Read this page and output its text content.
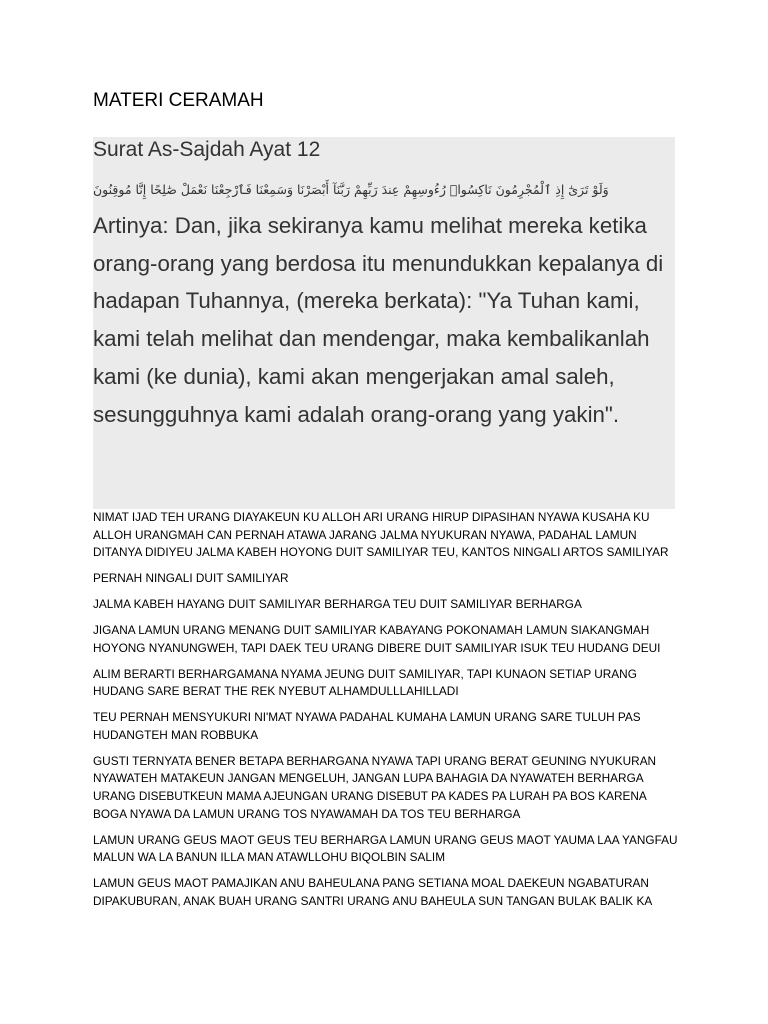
MATERI CERAMAH
Surat As-Sajdah Ayat 12

وَلَوْ تَرَىٰٓ إِذِ ٱلْمُجْرِمُونَ نَاكِسُوا۟ رُءُوسِهِمْ عِندَ رَبِّهِمْ رَبَّنَآ أَبْصَرْنَا وَسَمِعْنَا فَٱرْجِعْنَا نَعْمَلْ صَٰلِحًا إِنَّا مُوقِنُونَ

Artinya: Dan, jika sekiranya kamu melihat mereka ketika orang-orang yang berdosa itu menundukkan kepalanya di hadapan Tuhannya, (mereka berkata): "Ya Tuhan kami, kami telah melihat dan mendengar, maka kembalikanlah kami (ke dunia), kami akan mengerjakan amal saleh, sesungguhnya kami adalah orang-orang yang yakin".

NIMAT IJAD TEH URANG DIAYAKEUN KU ALLOH ARI URANG HIRUP DIPASIHAN NYAWA KUSAHA KU ALLOH URANGMAH CAN PERNAH ATAWA JARANG JALMA NYUKURAN NYAWA, PADAHAL LAMUN DITANYA DIDIYEU JALMA KABEH HOYONG DUIT SAMILIYAR TEU, KANTOS NINGALI ARTOS SAMILIYAR

PERNAH NINGALI DUIT SAMILIYAR

JALMA KABEH HAYANG DUIT SAMILIYAR BERHARGA TEU DUIT SAMILIYAR BERHARGA

JIGANA LAMUN URANG MENANG DUIT SAMILIYAR KABAYANG POKONAMAH LAMUN SIAKANGMAH HOYONG NYANUNGWEH, TAPI DAEK TEU URANG DIBERE DUIT SAMILIYAR ISUK TEU HUDANG DEUI

ALIM BERARTI BERHARGAMANA NYAMA JEUNG DUIT SAMILIYAR, TAPI KUNAON SETIAP URANG HUDANG SARE BERAT THE REK NYEBUT ALHAMDULLLAHILLADI

TEU PERNAH MENSYUKURI NI'MAT NYAWA PADAHAL KUMAHA LAMUN URANG SARE TULUH PAS HUDANGTEH MAN ROBBUKA

GUSTI TERNYATA BENER BETAPA BERHARGANA NYAWA TAPI URANG BERAT GEUNING NYUKURAN NYAWATEH MATAKEUN JANGAN MENGELUH, JANGAN LUPA BAHAGIA DA NYAWATEH BERHARGA URANG DISEBUTKEUN MAMA AJEUNGAN URANG DISEBUT PA KADES PA LURAH PA BOS KARENA BOGA NYAWA DA LAMUN URANG TOS NYAWAMAH DA TOS TEU BERHARGA

LAMUN URANG GEUS MAOT GEUS TEU BERHARGA LAMUN URANG GEUS MAOT YAUMA LAA YANGFAU MALUN WA LA BANUN ILLA MAN ATAWLLOHU BIQOLBIN SALIM

LAMUN GEUS MAOT PAMAJIKAN ANU BAHEULANA PANG SETIANA MOAL DAEKEUN NGABATURAN DIPAKUBURAN, ANAK BUAH URANG SANTRI URANG ANU BAHEULA SUN TANGAN BULAK BALIK KA
